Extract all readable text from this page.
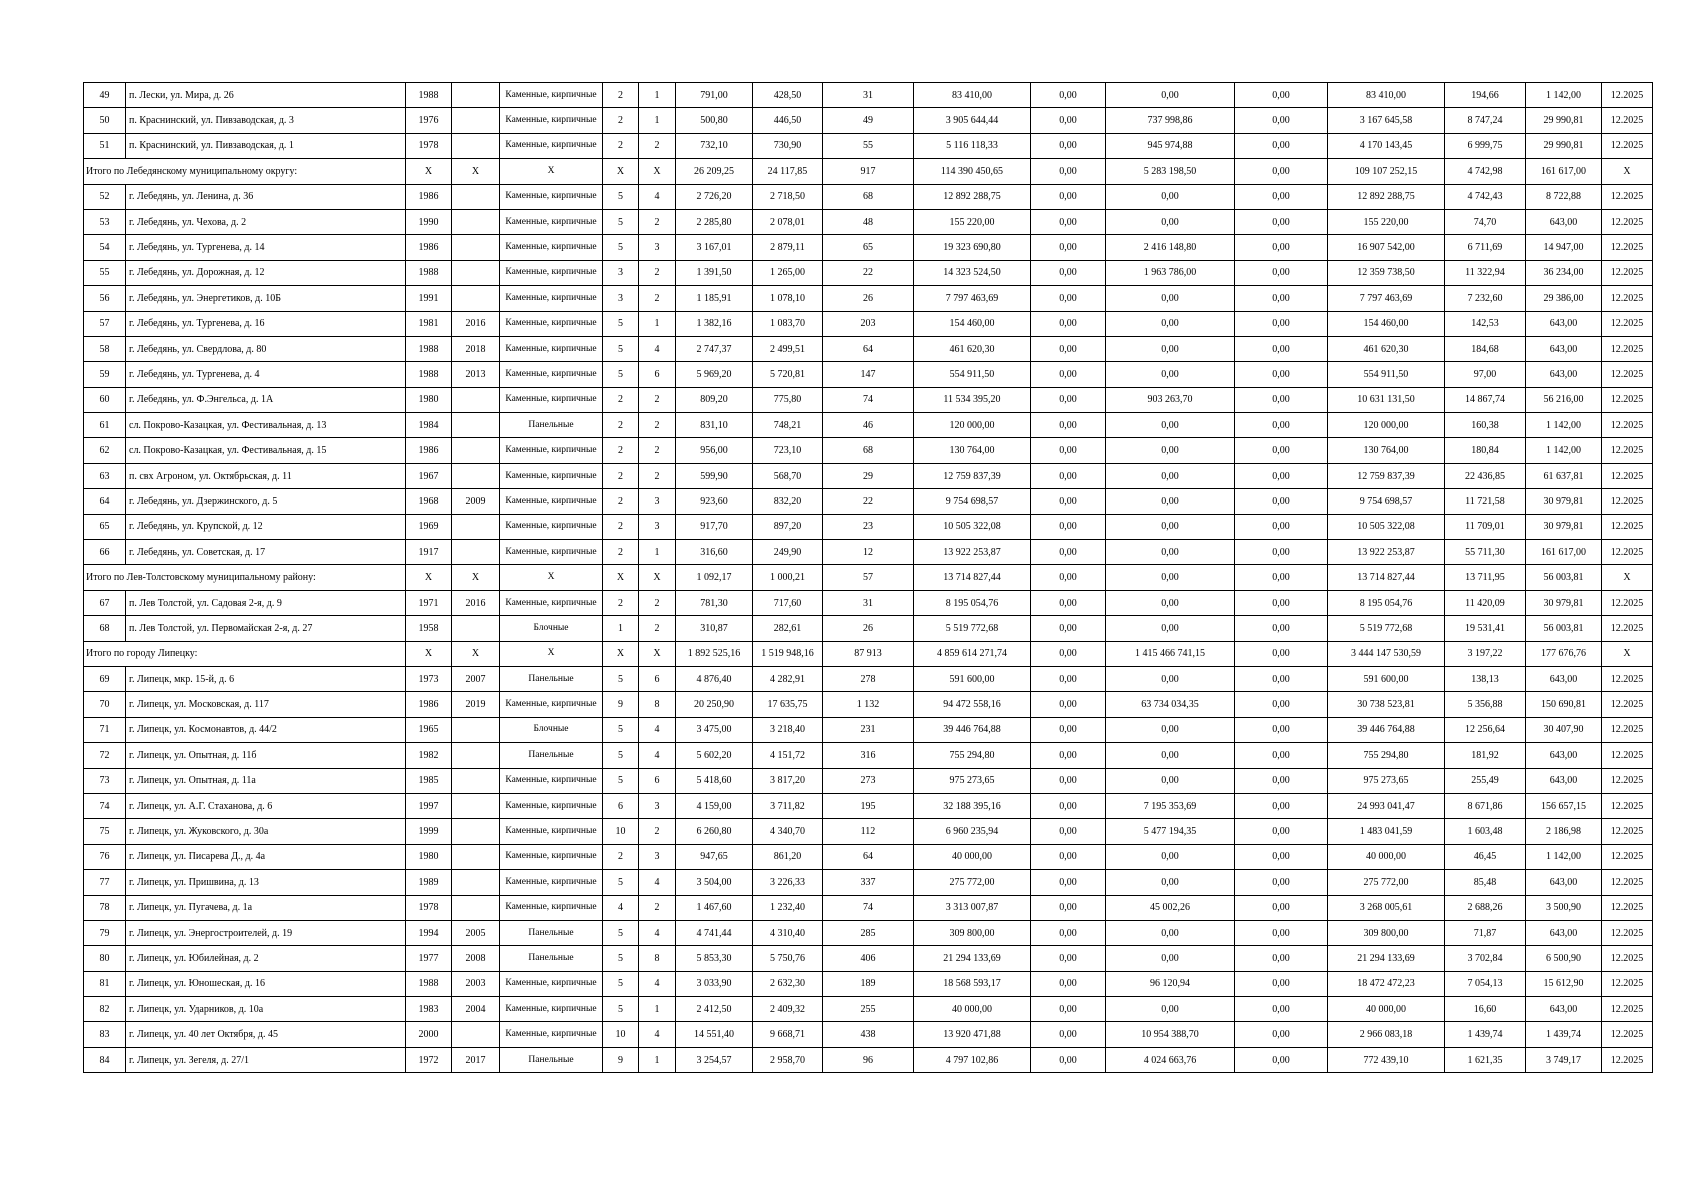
49	п. Лески, ул. Мира, д. 26	1988		Каменные, кирпичные	2	1	791,00	428,50	31	83 410,00	0,00	0,00	0,00	83 410,00	194,66	1 142,00	12.2025
50	п. Краснинский, ул. Пивзаводская, д. 3	1976		Каменные, кирпичные	2	1	500,80	446,50	49	3 905 644,44	0,00	737 998,86	0,00	3 167 645,58	8 747,24	29 990,81	12.2025
51	п. Краснинский, ул. Пивзаводская, д. 1	1978		Каменные, кирпичные	2	2	732,10	730,90	55	5 116 118,33	0,00	945 974,88	0,00	4 170 143,45	6 999,75	29 990,81	12.2025
Итого по Лебедянскому муниципальному округу:		X	X	X	X	X	26 209,25	24 117,85	917	114 390 450,65	0,00	5 283 198,50	0,00	109 107 252,15	4 742,98	161 617,00	X
52	г. Лебедянь, ул. Ленина, д. 36	1986		Каменные, кирпичные	5	4	2 726,20	2 718,50	68	12 892 288,75	0,00	0,00	0,00	12 892 288,75	4 742,43	8 722,88	12.2025
53	г. Лебедянь, ул. Чехова, д. 2	1990		Каменные, кирпичные	5	2	2 285,80	2 078,01	48	155 220,00	0,00	0,00	0,00	155 220,00	74,70	643,00	12.2025
54	г. Лебедянь, ул. Тургенева, д. 14	1986		Каменные, кирпичные	5	3	3 167,01	2 879,11	65	19 323 690,80	0,00	2 416 148,80	0,00	16 907 542,00	6 711,69	14 947,00	12.2025
55	г. Лебедянь, ул. Дорожная, д. 12	1988		Каменные, кирпичные	3	2	1 391,50	1 265,00	22	14 323 524,50	0,00	1 963 786,00	0,00	12 359 738,50	11 322,94	36 234,00	12.2025
56	г. Лебедянь, ул. Энергетиков, д. 10Б	1991		Каменные, кирпичные	3	2	1 185,91	1 078,10	26	7 797 463,69	0,00	0,00	0,00	7 797 463,69	7 232,60	29 386,00	12.2025
57	г. Лебедянь, ул. Тургенева, д. 16	1981	2016	Каменные, кирпичные	5	1	1 382,16	1 083,70	203	154 460,00	0,00	0,00	0,00	154 460,00	142,53	643,00	12.2025
58	г. Лебедянь, ул. Свердлова, д. 80	1988	2018	Каменные, кирпичные	5	4	2 747,37	2 499,51	64	461 620,30	0,00	0,00	0,00	461 620,30	184,68	643,00	12.2025
59	г. Лебедянь, ул. Тургенева, д. 4	1988	2013	Каменные, кирпичные	5	6	5 969,20	5 720,81	147	554 911,50	0,00	0,00	0,00	554 911,50	97,00	643,00	12.2025
60	г. Лебедянь, ул. Ф.Энгельса, д. 1А	1980		Каменные, кирпичные	2	2	809,20	775,80	74	11 534 395,20	0,00	903 263,70	0,00	10 631 131,50	14 867,74	56 216,00	12.2025
61	сл. Покрово-Казацкая, ул. Фестивальная, д. 13	1984		Панельные	2	2	831,10	748,21	46	120 000,00	0,00	0,00	0,00	120 000,00	160,38	1 142,00	12.2025
62	сл. Покрово-Казацкая, ул. Фестивальная, д. 15	1986		Каменные, кирпичные	2	2	956,00	723,10	68	130 764,00	0,00	0,00	0,00	130 764,00	180,84	1 142,00	12.2025
63	п. свх Агроном, ул. Октябрьская, д. 11	1967		Каменные, кирпичные	2	2	599,90	568,70	29	12 759 837,39	0,00	0,00	0,00	12 759 837,39	22 436,85	61 637,81	12.2025
64	г. Лебедянь, ул. Дзержинского, д. 5	1968	2009	Каменные, кирпичные	2	3	923,60	832,20	22	9 754 698,57	0,00	0,00	0,00	9 754 698,57	11 721,58	30 979,81	12.2025
65	г. Лебедянь, ул. Крупской, д. 12	1969		Каменные, кирпичные	2	3	917,70	897,20	23	10 505 322,08	0,00	0,00	0,00	10 505 322,08	11 709,01	30 979,81	12.2025
66	г. Лебедянь, ул. Советская, д. 17	1917		Каменные, кирпичные	2	1	316,60	249,90	12	13 922 253,87	0,00	0,00	0,00	13 922 253,87	55 711,30	161 617,00	12.2025
Итого по Лев-Толстовскому муниципальному району:		X	X	X	X	X	1 092,17	1 000,21	57	13 714 827,44	0,00	0,00	0,00	13 714 827,44	13 711,95	56 003,81	X
67	п. Лев Толстой, ул. Садовая 2-я, д. 9	1971	2016	Каменные, кирпичные	2	2	781,30	717,60	31	8 195 054,76	0,00	0,00	0,00	8 195 054,76	11 420,09	30 979,81	12.2025
68	п. Лев Толстой, ул. Первомайская 2-я, д. 27	1958		Блочные	1	2	310,87	282,61	26	5 519 772,68	0,00	0,00	0,00	5 519 772,68	19 531,41	56 003,81	12.2025
Итого по городу Липецку:		X	X	X	X	X	1 892 525,16	1 519 948,16	87 913	4 859 614 271,74	0,00	1 415 466 741,15	0,00	3 444 147 530,59	3 197,22	177 676,76	X
69	г. Липецк, мкр. 15-й, д. 6	1973	2007	Панельные	5	6	4 876,40	4 282,91	278	591 600,00	0,00	0,00	0,00	591 600,00	138,13	643,00	12.2025
70	г. Липецк, ул. Московская, д. 117	1986	2019	Каменные, кирпичные	9	8	20 250,90	17 635,75	1 132	94 472 558,16	0,00	63 734 034,35	0,00	30 738 523,81	5 356,88	150 690,81	12.2025
71	г. Липецк, ул. Космонавтов, д. 44/2	1965		Блочные	5	4	3 475,00	3 218,40	231	39 446 764,88	0,00	0,00	0,00	39 446 764,88	12 256,64	30 407,90	12.2025
72	г. Липецк, ул. Опытная, д. 11б	1982		Панельные	5	4	5 602,20	4 151,72	316	755 294,80	0,00	0,00	0,00	755 294,80	181,92	643,00	12.2025
73	г. Липецк, ул. Опытная, д. 11а	1985		Каменные, кирпичные	5	6	5 418,60	3 817,20	273	975 273,65	0,00	0,00	0,00	975 273,65	255,49	643,00	12.2025
74	г. Липецк, ул. А.Г. Стаханова, д. 6	1997		Каменные, кирпичные	6	3	4 159,00	3 711,82	195	32 188 395,16	0,00	7 195 353,69	0,00	24 993 041,47	8 671,86	156 657,15	12.2025
75	г. Липецк, ул. Жуковского, д. 30а	1999		Каменные, кирпичные	10	2	6 260,80	4 340,70	112	6 960 235,94	0,00	5 477 194,35	0,00	1 483 041,59	1 603,48	2 186,98	12.2025
76	г. Липецк, ул. Писарева Д., д. 4а	1980		Каменные, кирпичные	2	3	947,65	861,20	64	40 000,00	0,00	0,00	0,00	40 000,00	46,45	1 142,00	12.2025
77	г. Липецк, ул. Пришвина, д. 13	1989		Каменные, кирпичные	5	4	3 504,00	3 226,33	337	275 772,00	0,00	0,00	0,00	275 772,00	85,48	643,00	12.2025
78	г. Липецк, ул. Пугачева, д. 1а	1978		Каменные, кирпичные	4	2	1 467,60	1 232,40	74	3 313 007,87	0,00	45 002,26	0,00	3 268 005,61	2 688,26	3 500,90	12.2025
79	г. Липецк, ул. Энергостроителей, д. 19	1994	2005	Панельные	5	4	4 741,44	4 310,40	285	309 800,00	0,00	0,00	0,00	309 800,00	71,87	643,00	12.2025
80	г. Липецк, ул. Юбилейная, д. 2	1977	2008	Панельные	5	8	5 853,30	5 750,76	406	21 294 133,69	0,00	0,00	0,00	21 294 133,69	3 702,84	6 500,90	12.2025
81	г. Липецк, ул. Юношеская, д. 16	1988	2003	Каменные, кирпичные	5	4	3 033,90	2 632,30	189	18 568 593,17	0,00	96 120,94	0,00	18 472 472,23	7 054,13	15 612,90	12.2025
82	г. Липецк, ул. Ударников, д. 10а	1983	2004	Каменные, кирпичные	5	1	2 412,50	2 409,32	255	40 000,00	0,00	0,00	0,00	40 000,00	16,60	643,00	12.2025
83	г. Липецк, ул. 40 лет Октября, д. 45	2000		Каменные, кирпичные	10	4	14 551,40	9 668,71	438	13 920 471,88	0,00	10 954 388,70	0,00	2 966 083,18	1 439,74	1 439,74	12.2025
84	г. Липецк, ул. Зегеля, д. 27/1	1972	2017	Панельные	9	1	3 254,57	2 958,70	96	4 797 102,86	0,00	4 024 663,76	0,00	772 439,10	1 621,35	3 749,17	12.2025
